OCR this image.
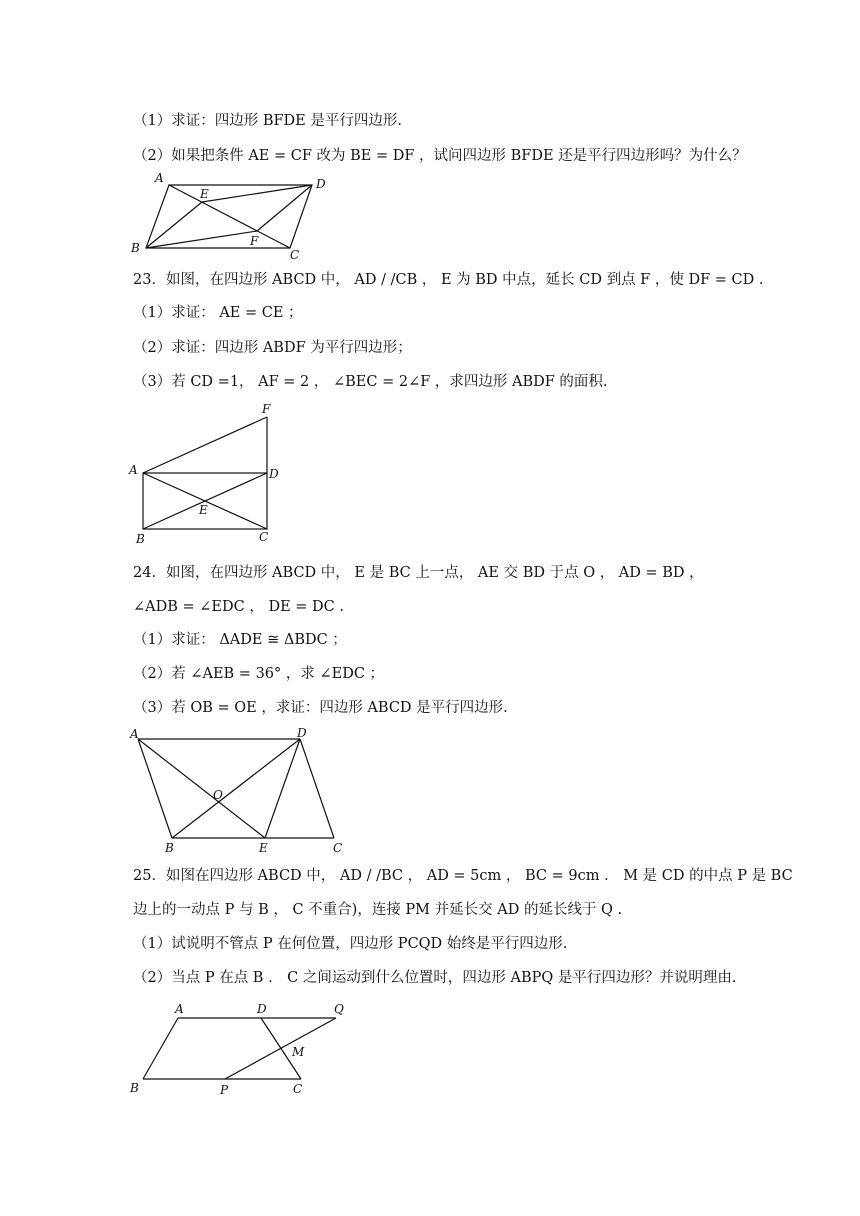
（1）求证：四边形 BFDE 是平行四边形.
（2）如果把条件 AE = CF 改为 BE = DF ，试问四边形 BFDE 还是平行四边形吗？为什么？
A	D
E
F
B	C
23．如图，在四边形 ABCD 中， AD / /CB ， E 为 BD 中点，延长 CD 到点 F ，使 DF = CD .
（1）求证： AE = CE ；
（2）求证：四边形 ABDF 为平行四边形；
（3）若 CD =1， AF = 2 ， ∠BEC = 2∠F ，求四边形 ABDF 的面积.
F
A	D
E
B	C
24．如图，在四边形 ABCD 中， E 是 BC 上一点， AE 交 BD 于点 O ， AD = BD ，
∠ADB = ∠EDC ， DE = DC .
（1）求证： ΔADE ≅ ΔBDC ；
（2）若 ∠AEB = 36° ，求 ∠EDC ；
（3）若 OB = OE ，求证：四边形 ABCD 是平行四边形.
A	D
O
B	E	C
25．如图在四边形 ABCD 中， AD / /BC ， AD = 5cm ， BC = 9cm ． M 是 CD 的中点 P 是 BC
边上的一动点 P 与 B ， C 不重合)，连接 PM 并延长交 AD 的延长线于 Q .
（1）试说明不管点 P 在何位置，四边形 PCQD 始终是平行四边形.
（2）当点 P 在点 B ． C 之间运动到什么位置时，四边形 ABPQ 是平行四边形？并说明理由.
A	D	Q
M
B	P	C
